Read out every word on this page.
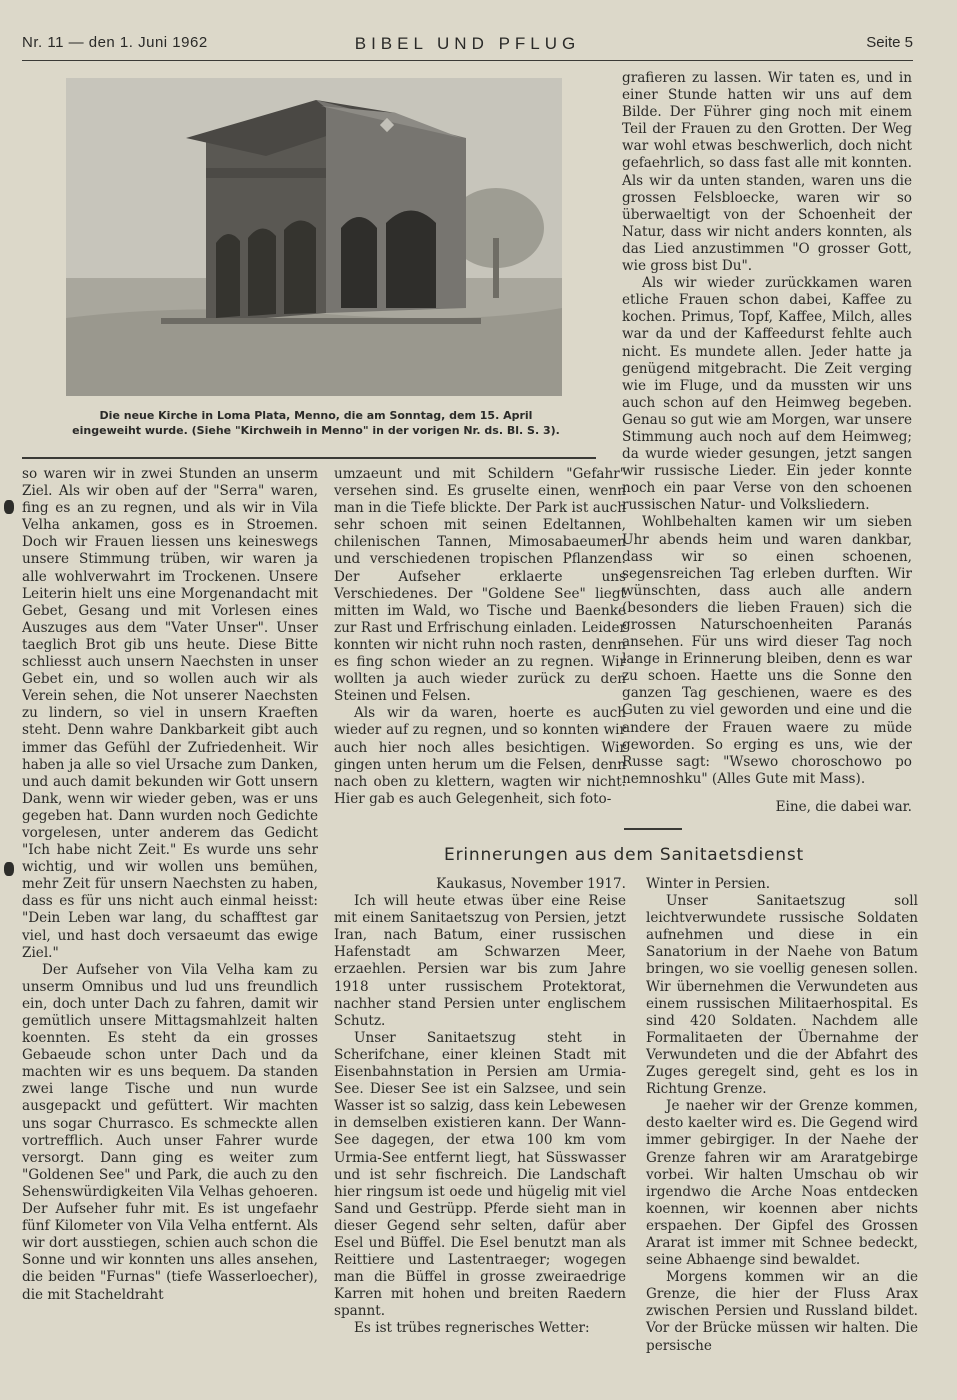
Nr. 11 — den 1. Juni 1962	BIBEL UND PFLUG	Seite 5
Die neue Kirche in Loma Plata, Menno, die am Sonntag, dem 15. April eingeweiht wurde. (Siehe "Kirchweih in Menno" in der vorigen Nr. ds. Bl. S. 3).

so waren wir in zwei Stunden an unserm Ziel. Als wir oben auf der "Serra" waren, fing es an zu regnen, und als wir in Vila Velha ankamen, goss es in Stroemen. Doch wir Frauen liessen uns keineswegs unsere Stimmung trüben, wir waren ja alle wohlverwahrt im Trockenen. Unsere Leiterin hielt uns eine Morgenandacht mit Gebet, Gesang und mit Vorlesen eines Auszuges aus dem "Vater Unser". Unser taeglich Brot gib uns heute. Diese Bitte schliesst auch unsern Naechsten in unser Gebet ein, und so wollen auch wir als Verein sehen, die Not unserer Naechsten zu lindern, so viel in unsern Kraeften steht. Denn wahre Dankbarkeit gibt auch immer das Gefühl der Zufriedenheit. Wir haben ja alle so viel Ursache zum Danken, und auch damit bekunden wir Gott unsern Dank, wenn wir wieder geben, was er uns gegeben hat. Dann wurden noch Gedichte vorgelesen, unter anderem das Gedicht "Ich habe nicht Zeit." Es wurde uns sehr wichtig, und wir wollen uns bemühen, mehr Zeit für unsern Naechsten zu haben, dass es für uns nicht auch einmal heisst: "Dein Leben war lang, du schafftest gar viel, und hast doch versaeumt das ewige Ziel."

Der Aufseher von Vila Velha kam zu unserm Omnibus und lud uns freundlich ein, doch unter Dach zu fahren, damit wir gemütlich unsere Mittagsmahlzeit halten koennten. Es steht da ein grosses Gebaeude schon unter Dach und da machten wir es uns bequem. Da standen zwei lange Tische und nun wurde ausgepackt und gefüttert. Wir machten uns sogar Churrasco. Es schmeckte allen vortrefflich. Auch unser Fahrer wurde versorgt. Dann ging es weiter zum "Goldenen See" und Park, die auch zu den Sehenswürdigkeiten Vila Velhas gehoeren. Der Aufseher fuhr mit. Es ist ungefaehr fünf Kilometer von Vila Velha entfernt. Als wir dort ausstiegen, schien auch schon die Sonne und wir konnten uns alles ansehen, die beiden "Furnas" (tiefe Wasserloecher), die mit Stacheldraht

umzaeunt und mit Schildern "Gefahr" versehen sind. Es gruselte einen, wenn man in die Tiefe blickte. Der Park ist auch sehr schoen mit seinen Edeltannen, chilenischen Tannen, Mimosabaeumen und verschiedenen tropischen Pflanzen. Der Aufseher erklaerte uns Verschiedenes. Der "Goldene See" liegt mitten im Wald, wo Tische und Baenke zur Rast und Erfrischung einladen. Leider konnten wir nicht ruhn noch rasten, denn es fing schon wieder an zu regnen. Wir wollten ja auch wieder zurück zu den Steinen und Felsen.

Als wir da waren, hoerte es auch wieder auf zu regnen, und so konnten wir auch hier noch alles besichtigen. Wir gingen unten herum um die Felsen, denn nach oben zu klettern, wagten wir nicht. Hier gab es auch Gelegenheit, sich foto-

grafieren zu lassen. Wir taten es, und in einer Stunde hatten wir uns auf dem Bilde. Der Führer ging noch mit einem Teil der Frauen zu den Grotten. Der Weg war wohl etwas beschwerlich, doch nicht gefaehrlich, so dass fast alle mit konnten. Als wir da unten standen, waren uns die grossen Felsbloecke, waren wir so überwaeltigt von der Schoenheit der Natur, dass wir nicht anders konnten, als das Lied anzustimmen "O grosser Gott, wie gross bist Du".

Als wir wieder zurückkamen waren etliche Frauen schon dabei, Kaffee zu kochen. Primus, Topf, Kaffee, Milch, alles war da und der Kaffeedurst fehlte auch nicht. Es mundete allen. Jeder hatte ja genügend mitgebracht. Die Zeit verging wie im Fluge, und da mussten wir uns auch schon auf den Heimweg begeben. Genau so gut wie am Morgen, war unsere Stimmung auch noch auf dem Heimweg; da wurde wieder gesungen, jetzt sangen wir russische Lieder. Ein jeder konnte noch ein paar Verse von den schoenen russischen Natur- und Volksliedern.

Wohlbehalten kamen wir um sieben Uhr abends heim und waren dankbar, dass wir so einen schoenen, segensreichen Tag erleben durften. Wir wünschten, dass auch alle andern (besonders die lieben Frauen) sich die grossen Naturschoenheiten Paranás ansehen. Für uns wird dieser Tag noch lange in Erinnerung bleiben, denn es war zu schoen. Haette uns die Sonne den ganzen Tag geschienen, waere es des Guten zu viel geworden und eine und die andere der Frauen waere zu müde geworden. So erging es uns, wie der Russe sagt: "Wsewo choroschowo po nemnoshku" (Alles Gute mit Mass).

Eine, die dabei war.
Erinnerungen aus dem Sanitaetsdienst

Kaukasus, November 1917.

Ich will heute etwas über eine Reise mit einem Sanitaetszug von Persien, jetzt Iran, nach Batum, einer russischen Hafenstadt am Schwarzen Meer, erzaehlen. Persien war bis zum Jahre 1918 unter russischem Protektorat, nachher stand Persien unter englischem Schutz.

Unser Sanitaetszug steht in Scherifchane, einer kleinen Stadt mit Eisenbahnstation in Persien am Urmia-See. Dieser See ist ein Salzsee, und sein Wasser ist so salzig, dass kein Lebewesen in demselben existieren kann. Der Wann-See dagegen, der etwa 100 km vom Urmia-See entfernt liegt, hat Süsswasser und ist sehr fischreich. Die Landschaft hier ringsum ist oede und hügelig mit viel Sand und Gestrüpp. Pferde sieht man in dieser Gegend sehr selten, dafür aber Esel und Büffel. Die Esel benutzt man als Reittiere und Lastentraeger; wogegen man die Büffel in grosse zweiraedrige Karren mit hohen und breiten Raedern spannt.

Es ist trübes regnerisches Wetter:

Winter in Persien.

Unser Sanitaetszug soll leichtverwundete russische Soldaten aufnehmen und diese in ein Sanatorium in der Naehe von Batum bringen, wo sie voellig genesen sollen. Wir übernehmen die Verwundeten aus einem russischen Militaerhospital. Es sind 420 Soldaten. Nachdem alle Formalitaeten der Übernahme der Verwundeten und die der Abfahrt des Zuges geregelt sind, geht es los in Richtung Grenze.

Je naeher wir der Grenze kommen, desto kaelter wird es. Die Gegend wird immer gebirgiger. In der Naehe der Grenze fahren wir am Araratgebirge vorbei. Wir halten Umschau ob wir irgendwo die Arche Noas entdecken koennen, wir koennen aber nichts erspaehen. Der Gipfel des Grossen Ararat ist immer mit Schnee bedeckt, seine Abhaenge sind bewaldet.

Morgens kommen wir an die Grenze, die hier der Fluss Arax zwischen Persien und Russland bildet. Vor der Brücke müssen wir halten. Die persische
